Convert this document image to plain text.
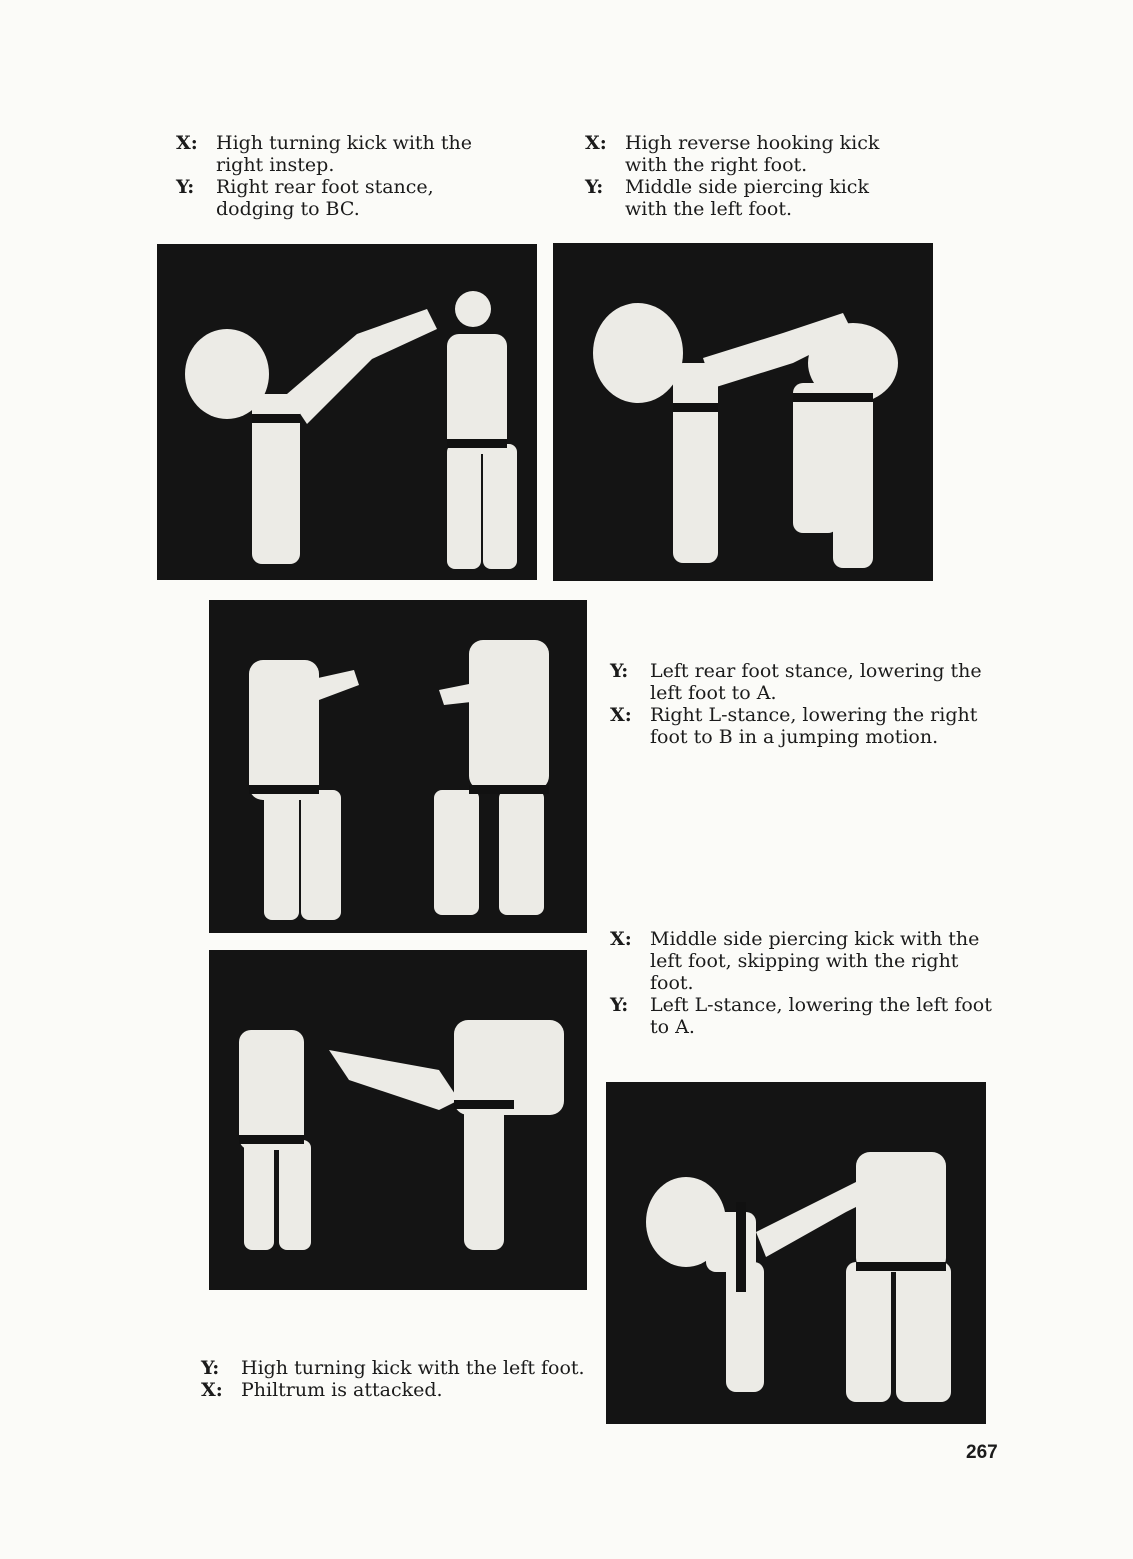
X: High turning kick with the right instep.
Y:	Right rear foot stance, dodging to BC.
X: High reverse hooking kick with the right foot.
Y:	Middle side piercing kick with the left foot.
Y:	Left rear foot stance, lowering the left foot to A.
X: Right L-stance, lowering the right foot to B in a jumping motion.
X: Middle side piercing kick with the left foot, skipping with the right foot.
Y:	Left L-stance, lowering the left foot to A.
Y:	High turning kick with the left foot.
X: Philtrum is attacked.
267
